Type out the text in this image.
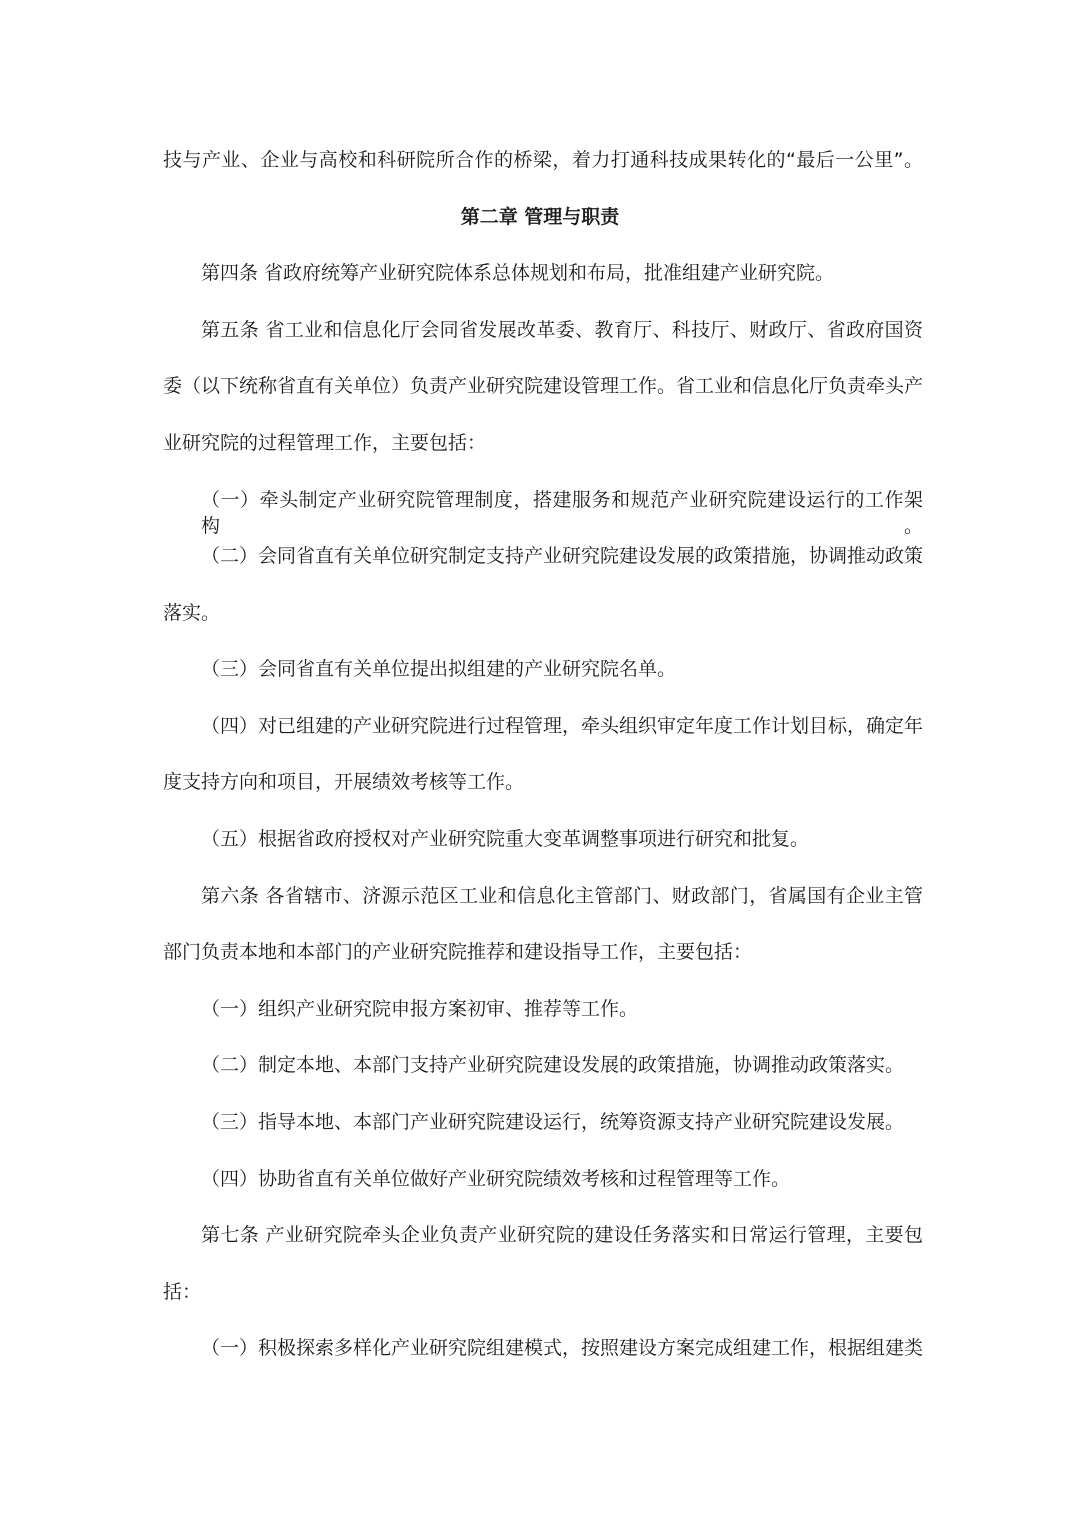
技与产业、企业与高校和科研院所合作的桥梁，着力打通科技成果转化的“最后一公里”。
第二章 管理与职责
第四条 省政府统筹产业研究院体系总体规划和布局，批准组建产业研究院。
第五条 省工业和信息化厅会同省发展改革委、教育厅、科技厅、财政厅、省政府国资
委（以下统称省直有关单位）负责产业研究院建设管理工作。省工业和信息化厅负责牵头产
业研究院的过程管理工作，主要包括：
（一）牵头制定产业研究院管理制度，搭建服务和规范产业研究院建设运行的工作架构。
（二）会同省直有关单位研究制定支持产业研究院建设发展的政策措施，协调推动政策
落实。
（三）会同省直有关单位提出拟组建的产业研究院名单。
（四）对已组建的产业研究院进行过程管理，牵头组织审定年度工作计划目标，确定年
度支持方向和项目，开展绩效考核等工作。
（五）根据省政府授权对产业研究院重大变革调整事项进行研究和批复。
第六条 各省辖市、济源示范区工业和信息化主管部门、财政部门，省属国有企业主管
部门负责本地和本部门的产业研究院推荐和建设指导工作，主要包括：
（一）组织产业研究院申报方案初审、推荐等工作。
（二）制定本地、本部门支持产业研究院建设发展的政策措施，协调推动政策落实。
（三）指导本地、本部门产业研究院建设运行，统筹资源支持产业研究院建设发展。
（四）协助省直有关单位做好产业研究院绩效考核和过程管理等工作。
第七条 产业研究院牵头企业负责产业研究院的建设任务落实和日常运行管理，主要包
括：
（一）积极探索多样化产业研究院组建模式，按照建设方案完成组建工作，根据组建类
